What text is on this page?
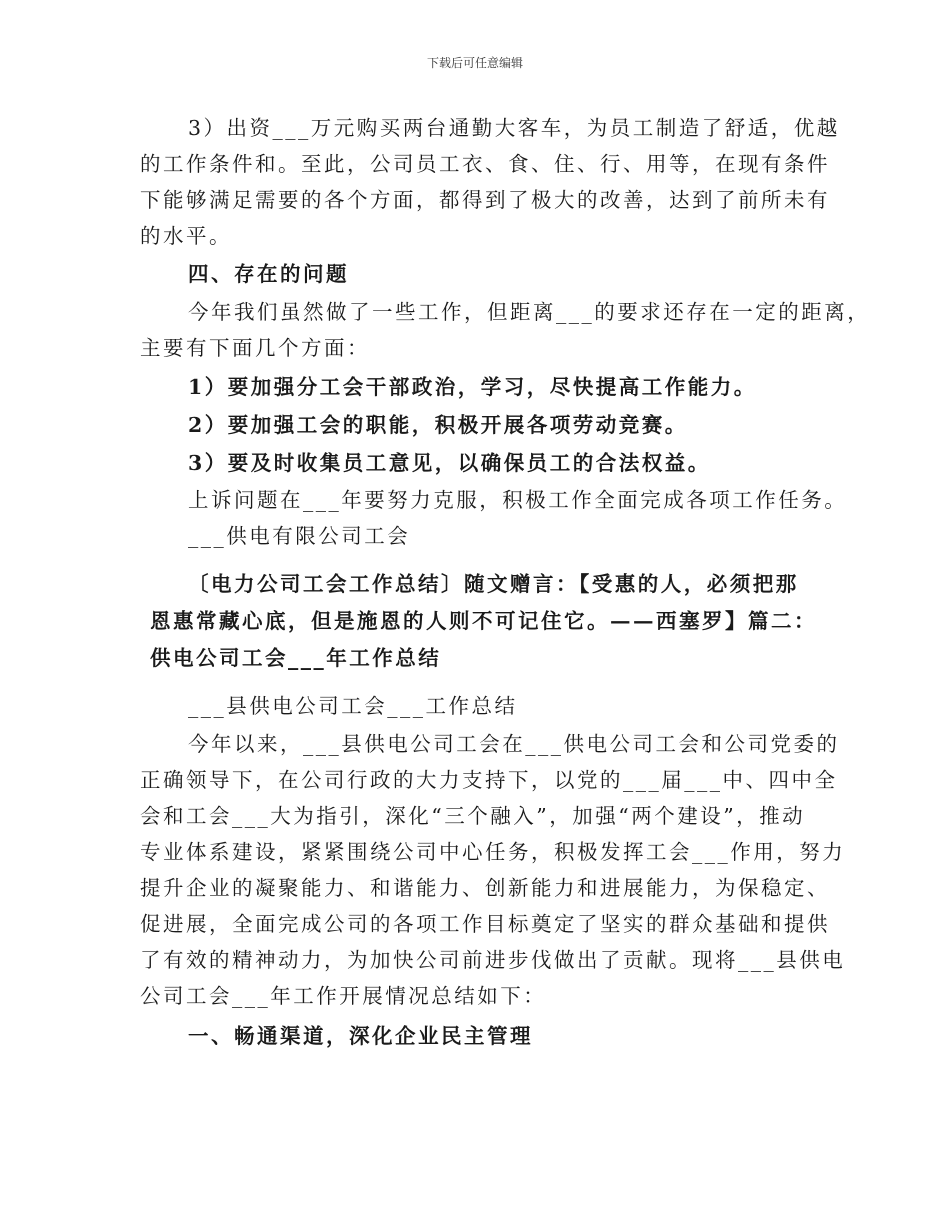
下载后可任意编辑
3）出资___万元购买两台通勤大客车，为员工制造了舒适，优越
的工作条件和。至此，公司员工衣、食、住、行、用等，在现有条件
下能够满足需要的各个方面，都得到了极大的改善，达到了前所未有
的水平。
四、存在的问题
今年我们虽然做了一些工作，但距离___的要求还存在一定的距离，
主要有下面几个方面：
1）要加强分工会干部政治，学习，尽快提高工作能力。
2）要加强工会的职能，积极开展各项劳动竞赛。
3）要及时收集员工意见，以确保员工的合法权益。
上诉问题在___年要努力克服，积极工作全面完成各项工作任务。
___供电有限公司工会
〔电力公司工会工作总结〕随文赠言：【受惠的人，必须把那
恩惠常藏心底，但是施恩的人则不可记住它。——西塞罗】篇二：
供电公司工会___年工作总结
___县供电公司工会___工作总结
今年以来，___县供电公司工会在___供电公司工会和公司党委的
正确领导下，在公司行政的大力支持下，以党的___届___中、四中全
会和工会___大为指引，深化“三个融入”，加强“两个建设”，推动
专业体系建设，紧紧围绕公司中心任务，积极发挥工会___作用，努力
提升企业的凝聚能力、和谐能力、创新能力和进展能力，为保稳定、
促进展，全面完成公司的各项工作目标奠定了坚实的群众基础和提供
了有效的精神动力，为加快公司前进步伐做出了贡献。现将___县供电
公司工会___年工作开展情况总结如下：
一、畅通渠道，深化企业民主管理
